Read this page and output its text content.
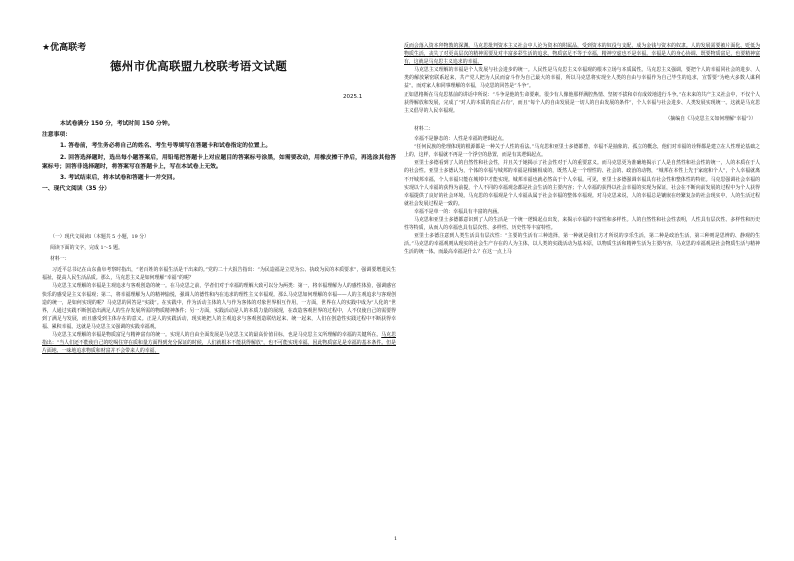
★优高联考
德州市优高联盟九校联考语文试题
2025.1

本试卷满分 150 分，考试时间 150 分钟。

注意事项：

1. 答卷前，考生务必将自己的姓名、考生号等填写在答题卡和试卷指定的位置上。

2. 回答选择题时，选出每小题答案后，用铅笔把答题卡上对应题目的答案标号涂黑，如需要改动，用橡皮擦干净后，再选涂其他答案标号；回答非选择题时，将答案写在答题卡上，写在本试卷上无效。

3. 考试结束后，将本试卷和答题卡一并交回。

一、现代文阅读（35 分）

（一）现代文阅读Ⅰ（本题共 5 小题，19 分）

阅读下面的文字，完成 1～5 题。

材料一：

习近平总书记在山东曲阜考察时指出，“老百姓的幸福生活是干出来的。”党的二十大报告指出：“为民造福是立党为公、执政为民的本质要求”，强调要增进民生福祉，提高人民生活品质。那么，马克思主义是如何理解“幸福”的呢？

马克思主义理解的幸福是主观追求与客观创造的统一。在马克思之前，学者们对于幸福的理解大致可以分为两类：第一，将幸福理解为人的感性体验，强调感官快乐的感受是主义幸福观；第二，将幸福理解为人的精神愉悦，强调人的德性和内在追求的理性主义幸福观。那么马克思如何理解的幸福——人的主观追求与客观创造的统一，是如何实现的呢？马克思的回答是“实践”。在实践中，作为活动主体的人与作为客体的对象世界相互作用，一方面，世界在人的实践中成为“人化的”世界，人通过实践不断创造出满足人的生存发展所需的物质精神条件；另一方面，实践活动是人的本质力量的展现，在改造客观世界的过程中，人不仅使自己的需要得到了满足与发展，而且感受到主体存在的意义。正是人的实践活动，现实地把人的主观追求与客观创造联结起来、统一起来，人们在创造性实践过程中不断获得幸福、累积幸福。这就是马克思主义强调的实践幸福观。

马克思主义理解的幸福是物质富足与精神富有的统一。实现人的自由全面发展是马克思主义的最高价值目标，也是马克思主义所理解的幸福的关键所在。马克思指出：“当人们还不能使自己的吃喝住穿在质和量方面得到充分保证的时候，人们就根本不能获得解放”，也不可能实现幸福。因此物质富足是幸福的基本条件。但是片面地、一味地追求物质和财富并不会带来人的幸福，

反而会落入资本拜物教的深渊。马克思批判资本主义社会中人沦为资本的附属品，受到资本的奴役与支配，成为金钱与资本的奴隶。人的发展需要被片面化、贬低为物质生活，丧失了对更高层次的精神需要及对丰富多彩生活的追求。物质富足不等于幸福，精神空虚也不是幸福。幸福是人的身心协调、既要物质富足，也要精神富有，这就是马克思主义追求的幸福。

马克思主义理解的幸福是个人发展与社会进步的统一。人民性是马克思主义幸福观的根本立场与本质属性。马克思主义强调，要把个人的幸福同社会的进步、人类的解放紧密联系起来，共产党人把为人民而奋斗作为自己最大的幸福，所以马克思将实现全人类的自由与幸福作为自己毕生的追求，宣誓要“为绝大多数人谋利益”。而对家人和同事理解的幸福，马克思的回答是“斗争”。

正如恩格斯在马克思墓前的讲话中所说：“斗争是他的生命要素。很少有人像他那样满腔热情、坚韧不拔和卓有成效地进行斗争。”在未来的共产主义社会中，不仅个人获得解放和发展，完成了“对人的本质的真正占有”，而且“每个人的自由发展是一切人的自由发展的条件”，个人幸福与社会进步、人类发展实现统一。这就是马克思主义倡导的人民幸福观。

（摘编自《马克思主义如何理解“幸福”》）

材料二：

幸福不是静态的：人性是幸福的逻辑起点。

“任何民族的伦理体现的根源都是一种关于人性的看法。”马克思和亚里士多德都曾，幸福不是抽象的、孤立的概念，他们对幸福的诠释都是建立在人性理论基础之上的，这样，幸福就不再是一个浮空的悬置，而是有其逻辑起点。

亚里士多德看到了人的自然性和社会性，并且关于她揭示了社会性对于人的重要意义。而马克思更为准确地揭示了人是自然性和社会性的统一，人的本质在于人的社会性。亚里士多德认为，个体的幸福与城邦的幸福是相辅相成的，既然人是一个理性的、社会的、政治的动物，“城邦在本性上先于家庭和个人”，个人幸福就离不开城邦幸福，个人幸福只能在城邦中才能实现。城邦幸福也就必然高于个人幸福。可见，亚里士多德强调幸福具有社会性和整体性的特征。马克思强调社会幸福的实现以个人幸福的获得为前提，个人不同的幸福观念都是社会生活的主要内容；个人幸福的获得以社会幸福的实现为保证，社会在不断向前发展的过程中为个人获得幸福提供了良好的社会环境。马克思的幸福观是个人幸福从属于社会幸福的整体幸福观。对马克思来说，人的幸福总是镶嵌在经繁复杂的社会现实中，人的生活过程就社会发展过程是一致的。

幸福不是单一的：幸福具有丰富的内涵。

马克思和亚里士多德都意识到了人的生活是一个统一逻辑起点出发，来揭示幸福的丰富性和多样性。人的自然性和社会性表明，人性具有层次性、多样性和历史性等特质，从而人的幸福也具有层次性、多样性、历史性等丰富特性。

亚里士多德注意到人类生活具有层次性：“主要的生活有三种选择，第一种就是我们方才所说的享乐生活，第二种是政治生活，第三种则是思辨的、静观的生活。”马克思的幸福观则从现实的社会生产存在的人为主体，以人类的实践活动为基本原，以物质生活和精神生活为主要内容，马克思的幸福观是社会物质生活与精神生活的统一体。而最高幸福是什么？在这一点上马

1
